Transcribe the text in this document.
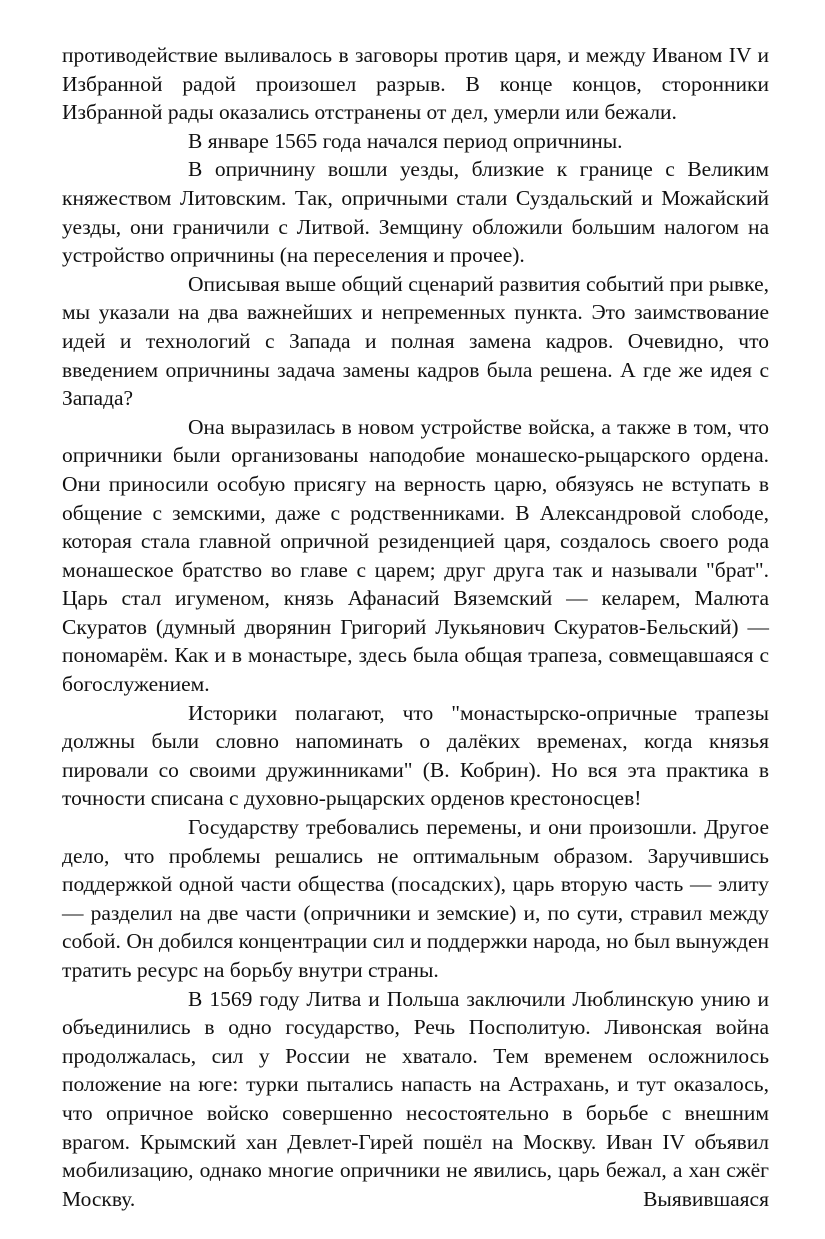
противодействие выливалось в заговоры против царя, и между Иваном IV и Избранной радой произошел разрыв. В конце концов, сторонники Избранной рады оказались отстранены от дел, умерли или бежали.

В январе 1565 года начался период опричнины.

В опричнину вошли уезды, близкие к границе с Великим княжеством Литовским. Так, опричными стали Суздальский и Можайский уезды, они граничили с Литвой. Земщину обложили большим налогом на устройство опричнины (на переселения и прочее).

Описывая выше общий сценарий развития событий при рывке, мы указали на два важнейших и непременных пункта. Это заимствование идей и технологий с Запада и полная замена кадров. Очевидно, что введением опричнины задача замены кадров была решена. А где же идея с Запада?

Она выразилась в новом устройстве войска, а также в том, что опричники были организованы наподобие монашеско-рыцарского ордена. Они приносили особую присягу на верность царю, обязуясь не вступать в общение с земскими, даже с родственниками. В Александровой слободе, которая стала главной опричной резиденцией царя, создалось своего рода монашеское братство во главе с царем; друг друга так и называли "брат". Царь стал игуменом, князь Афанасий Вяземский — келарем, Малюта Скуратов (думный дворянин Григорий Лукьянович Скуратов-Бельский) — пономарём. Как и в монастыре, здесь была общая трапеза, совмещавшаяся с богослужением.

Историки полагают, что "монастырско-опричные трапезы должны были словно напоминать о далёких временах, когда князья пировали со своими дружинниками" (В. Кобрин). Но вся эта практика в точности списана с духовно-рыцарских орденов крестоносцев!

Государству требовались перемены, и они произошли. Другое дело, что проблемы решались не оптимальным образом. Заручившись поддержкой одной части общества (посадских), царь вторую часть — элиту — разделил на две части (опричники и земские) и, по сути, стравил между собой. Он добился концентрации сил и поддержки народа, но был вынужден тратить ресурс на борьбу внутри страны.

В 1569 году Литва и Польша заключили Люблинскую унию и объединились в одно государство, Речь Посполитую. Ливонская война продолжалась, сил у России не хватало. Тем временем осложнилось положение на юге: турки пытались напасть на Астрахань, и тут оказалось, что опричное войско совершенно несостоятельно в борьбе с внешним врагом. Крымский хан Девлет-Гирей пошёл на Москву. Иван IV объявил мобилизацию, однако многие опричники не явились, царь бежал, а хан сжёг Москву. Выявившаяся
